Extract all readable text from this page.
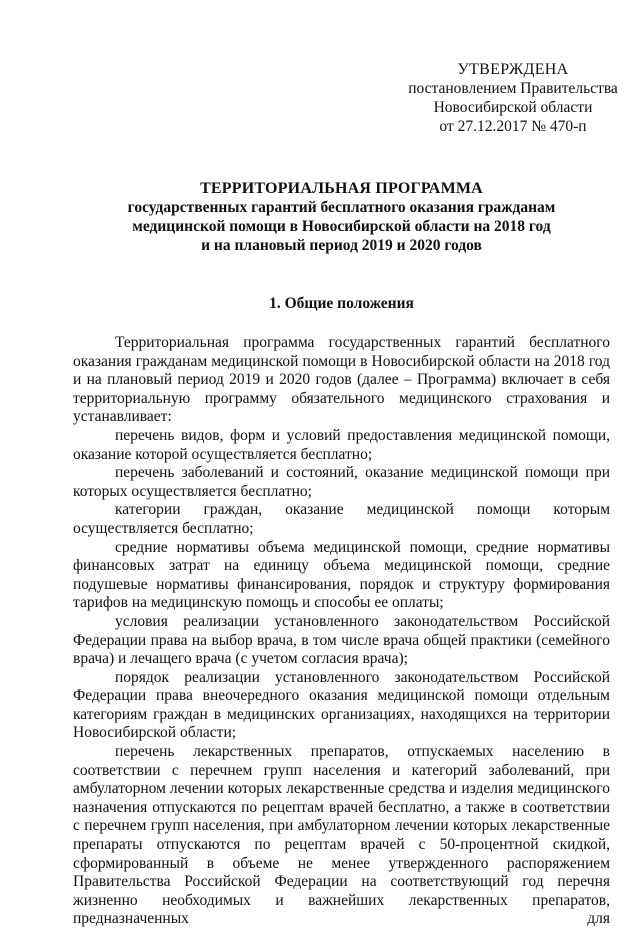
УТВЕРЖДЕНА
постановлением Правительства
Новосибирской области
от 27.12.2017 № 470-п
ТЕРРИТОРИАЛЬНАЯ ПРОГРАММА
государственных гарантий бесплатного оказания гражданам
медицинской помощи в Новосибирской области на 2018 год
и на плановый период 2019 и 2020 годов
1. Общие положения

Территориальная программа государственных гарантий бесплатного оказания гражданам медицинской помощи в Новосибирской области на 2018 год и на плановый период 2019 и 2020 годов (далее – Программа) включает в себя территориальную программу обязательного медицинского страхования и устанавливает:

перечень видов, форм и условий предоставления медицинской помощи, оказание которой осуществляется бесплатно;

перечень заболеваний и состояний, оказание медицинской помощи при которых осуществляется бесплатно;

категории граждан, оказание медицинской помощи которым осуществляется бесплатно;

средние нормативы объема медицинской помощи, средние нормативы финансовых затрат на единицу объема медицинской помощи, средние подушевые нормативы финансирования, порядок и структуру формирования тарифов на медицинскую помощь и способы ее оплаты;

условия реализации установленного законодательством Российской Федерации права на выбор врача, в том числе врача общей практики (семейного врача) и лечащего врача (с учетом согласия врача);

порядок реализации установленного законодательством Российской Федерации права внеочередного оказания медицинской помощи отдельным категориям граждан в медицинских организациях, находящихся на территории Новосибирской области;

перечень лекарственных препаратов, отпускаемых населению в соответствии с перечнем групп населения и категорий заболеваний, при амбулаторном лечении которых лекарственные средства и изделия медицинского назначения отпускаются по рецептам врачей бесплатно, а также в соответствии с перечнем групп населения, при амбулаторном лечении которых лекарственные препараты отпускаются по рецептам врачей с 50-процентной скидкой, сформированный в объеме не менее утвержденного распоряжением Правительства Российской Федерации на соответствующий год перечня жизненно необходимых и важнейших лекарственных препаратов, предназначенных для
